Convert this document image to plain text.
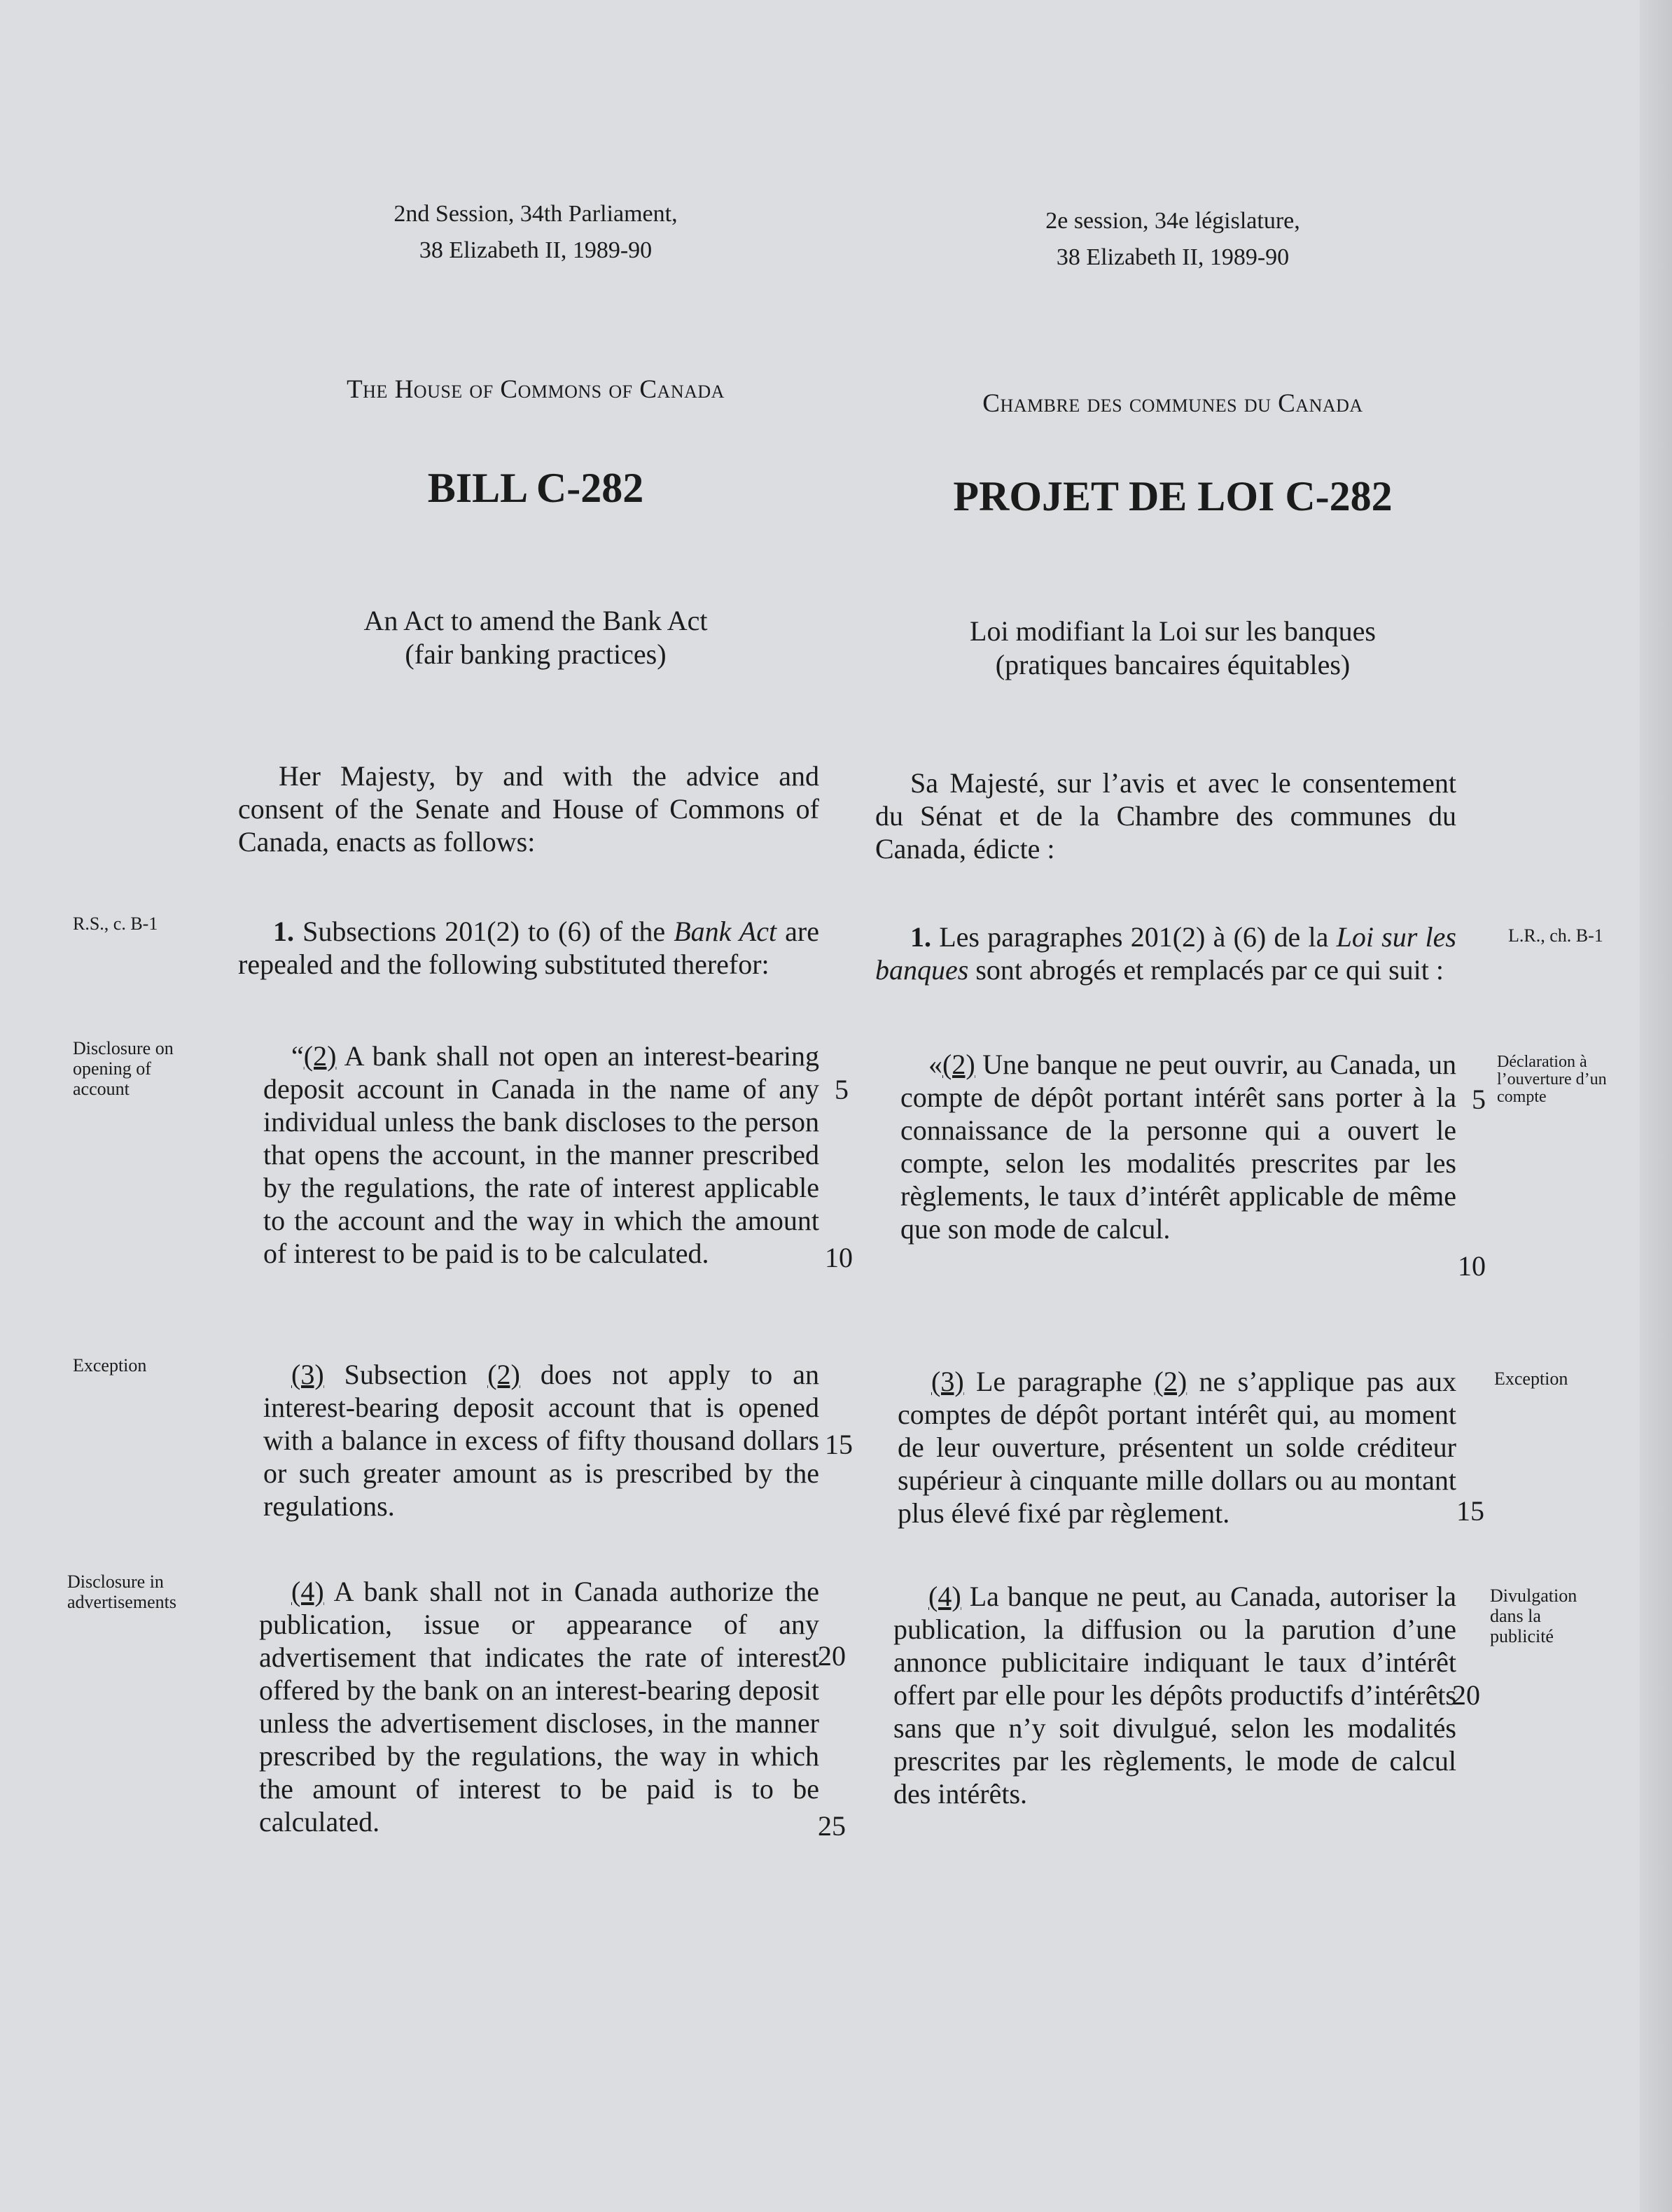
2nd Session, 34th Parliament,
38 Elizabeth II, 1989-90
The House of Commons of Canada
BILL C-282
An Act to amend the Bank Act
(fair banking practices)
2e session, 34e législature,
38 Elizabeth II, 1989-90
Chambre des communes du Canada
PROJET DE LOI C-282
Loi modifiant la Loi sur les banques
(pratiques bancaires équitables)

Her Majesty, by and with the advice and consent of the Senate and House of Commons of Canada, enacts as follows:

1. Subsections 201(2) to (6) of the Bank Act are repealed and the following substituted therefor:

“(2) A bank shall not open an interest-bearing deposit account in Canada in the name of any individual unless the bank discloses to the person that opens the account, in the manner prescribed by the regulations, the rate of interest applicable to the account and the way in which the amount of interest to be paid is to be calculated.

(3) Subsection (2) does not apply to an interest-bearing deposit account that is opened with a balance in excess of fifty thousand dollars or such greater amount as is prescribed by the regulations.

(4) A bank shall not in Canada authorize the publication, issue or appearance of any advertisement that indicates the rate of interest offered by the bank on an interest-bearing deposit unless the advertisement discloses, in the manner prescribed by the regulations, the way in which the amount of interest to be paid is to be calculated.

5
10
15
20
25
R.S., c. B-1
Disclosure on opening of account
Exception
Disclosure in advertisements

Sa Majesté, sur l’avis et avec le consentement du Sénat et de la Chambre des communes du Canada, édicte :

1. Les paragraphes 201(2) à (6) de la Loi sur les banques sont abrogés et remplacés par ce qui suit :

«(2) Une banque ne peut ouvrir, au Canada, un compte de dépôt portant intérêt sans porter à la connaissance de la personne qui a ouvert le compte, selon les modalités prescrites par les règlements, le taux d’intérêt applicable de même que son mode de calcul.

(3) Le paragraphe (2) ne s’applique pas aux comptes de dépôt portant intérêt qui, au moment de leur ouverture, présentent un solde créditeur supérieur à cinquante mille dollars ou au montant plus élevé fixé par règlement.

(4) La banque ne peut, au Canada, autoriser la publication, la diffusion ou la parution d’une annonce publicitaire indiquant le taux d’intérêt offert par elle pour les dépôts productifs d’intérêts sans que n’y soit divulgué, selon les modalités prescrites par les règlements, le mode de calcul des intérêts.

5
10
15
20
L.R., ch. B-1
Déclaration à l’ouverture d’un compte
Exception
Divulgation dans la publicité
